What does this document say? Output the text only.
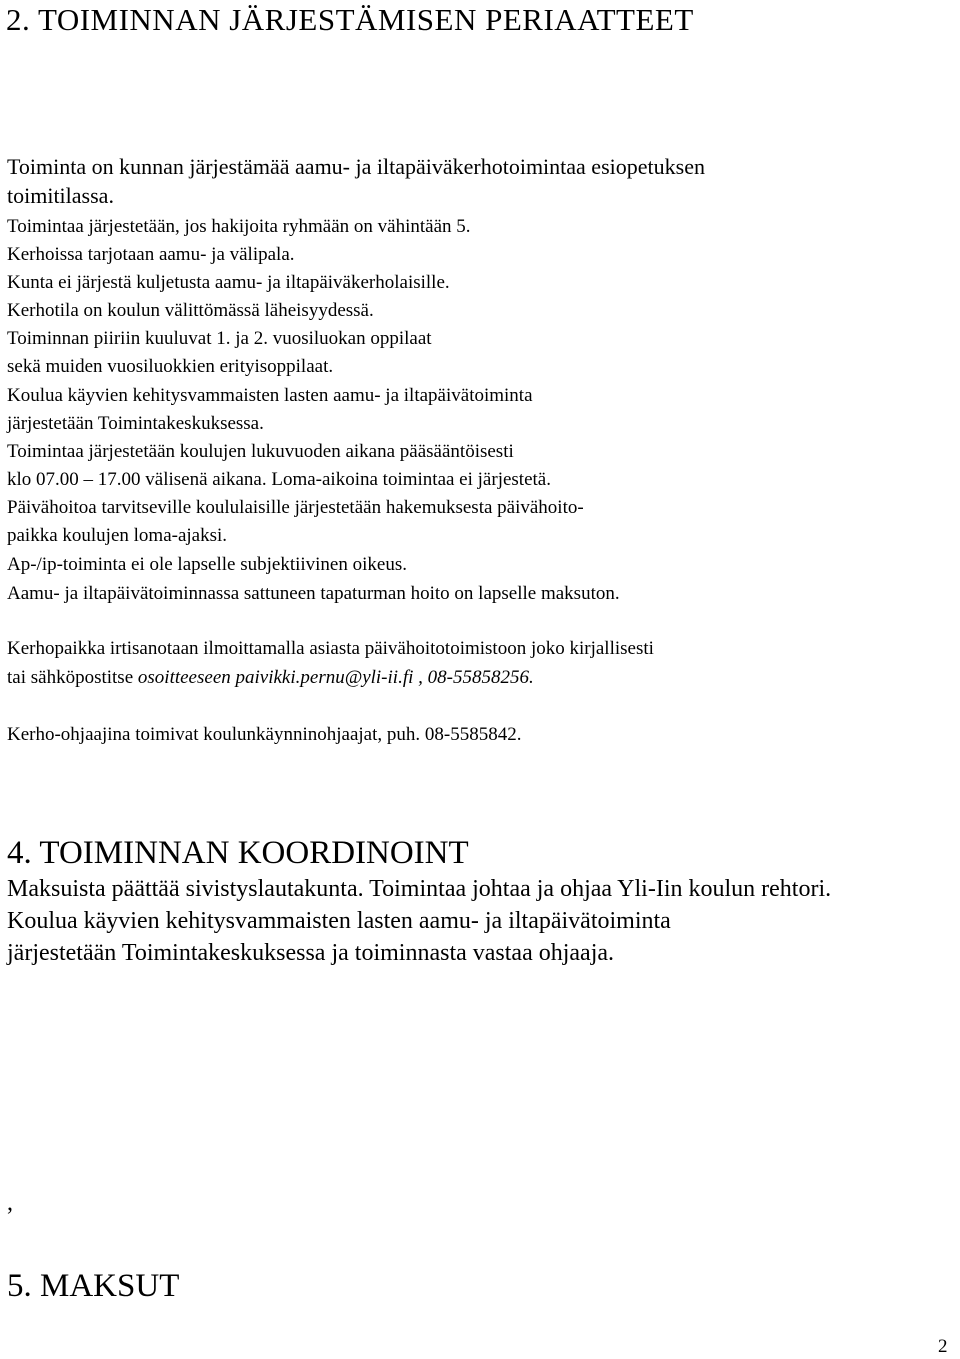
2. TOIMINNAN JÄRJESTÄMISEN PERIAATTEET
Toiminta on kunnan järjestämää aamu- ja iltapäiväkerhotoimintaa esiopetuksen
toimitilassa.
Toimintaa järjestetään, jos hakijoita ryhmään on vähintään 5.
Kerhoissa tarjotaan aamu- ja välipala.
Kunta ei järjestä kuljetusta aamu- ja iltapäiväkerholaisille.
Kerhotila on koulun välittömässä läheisyydessä.
Toiminnan piiriin kuuluvat 1. ja 2. vuosiluokan oppilaat
sekä muiden vuosiluokkien erityisoppilaat.
Koulua käyvien kehitysvammaisten lasten aamu- ja iltapäivätoiminta
järjestetään Toimintakeskuksessa.
Toimintaa järjestetään koulujen lukuvuoden aikana pääsääntöisesti
klo 07.00 – 17.00 välisenä aikana. Loma-aikoina toimintaa ei järjestetä.
Päivähoitoa tarvitseville koululaisille järjestetään hakemuksesta päivähoito-
paikka koulujen loma-ajaksi.
Ap-/ip-toiminta ei ole lapselle subjektiivinen oikeus.
Aamu- ja iltapäivätoiminnassa sattuneen tapaturman hoito on lapselle maksuton.
Kerhopaikka irtisanotaan ilmoittamalla asiasta päivähoitotoimistoon joko kirjallisesti
tai sähköpostitse osoitteeseen paivikki.pernu@yli-ii.fi , 08-55858256.
Kerho-ohjaajina toimivat koulunkäynninohjaajat, puh. 08-5585842.
4. TOIMINNAN KOORDINOINT
Maksuista päättää sivistyslautakunta. Toimintaa johtaa ja ohjaa Yli-Iin koulun rehtori.
Koulua käyvien kehitysvammaisten lasten aamu- ja iltapäivätoiminta
järjestetään Toimintakeskuksessa ja toiminnasta vastaa ohjaaja.
,
5. MAKSUT
2
